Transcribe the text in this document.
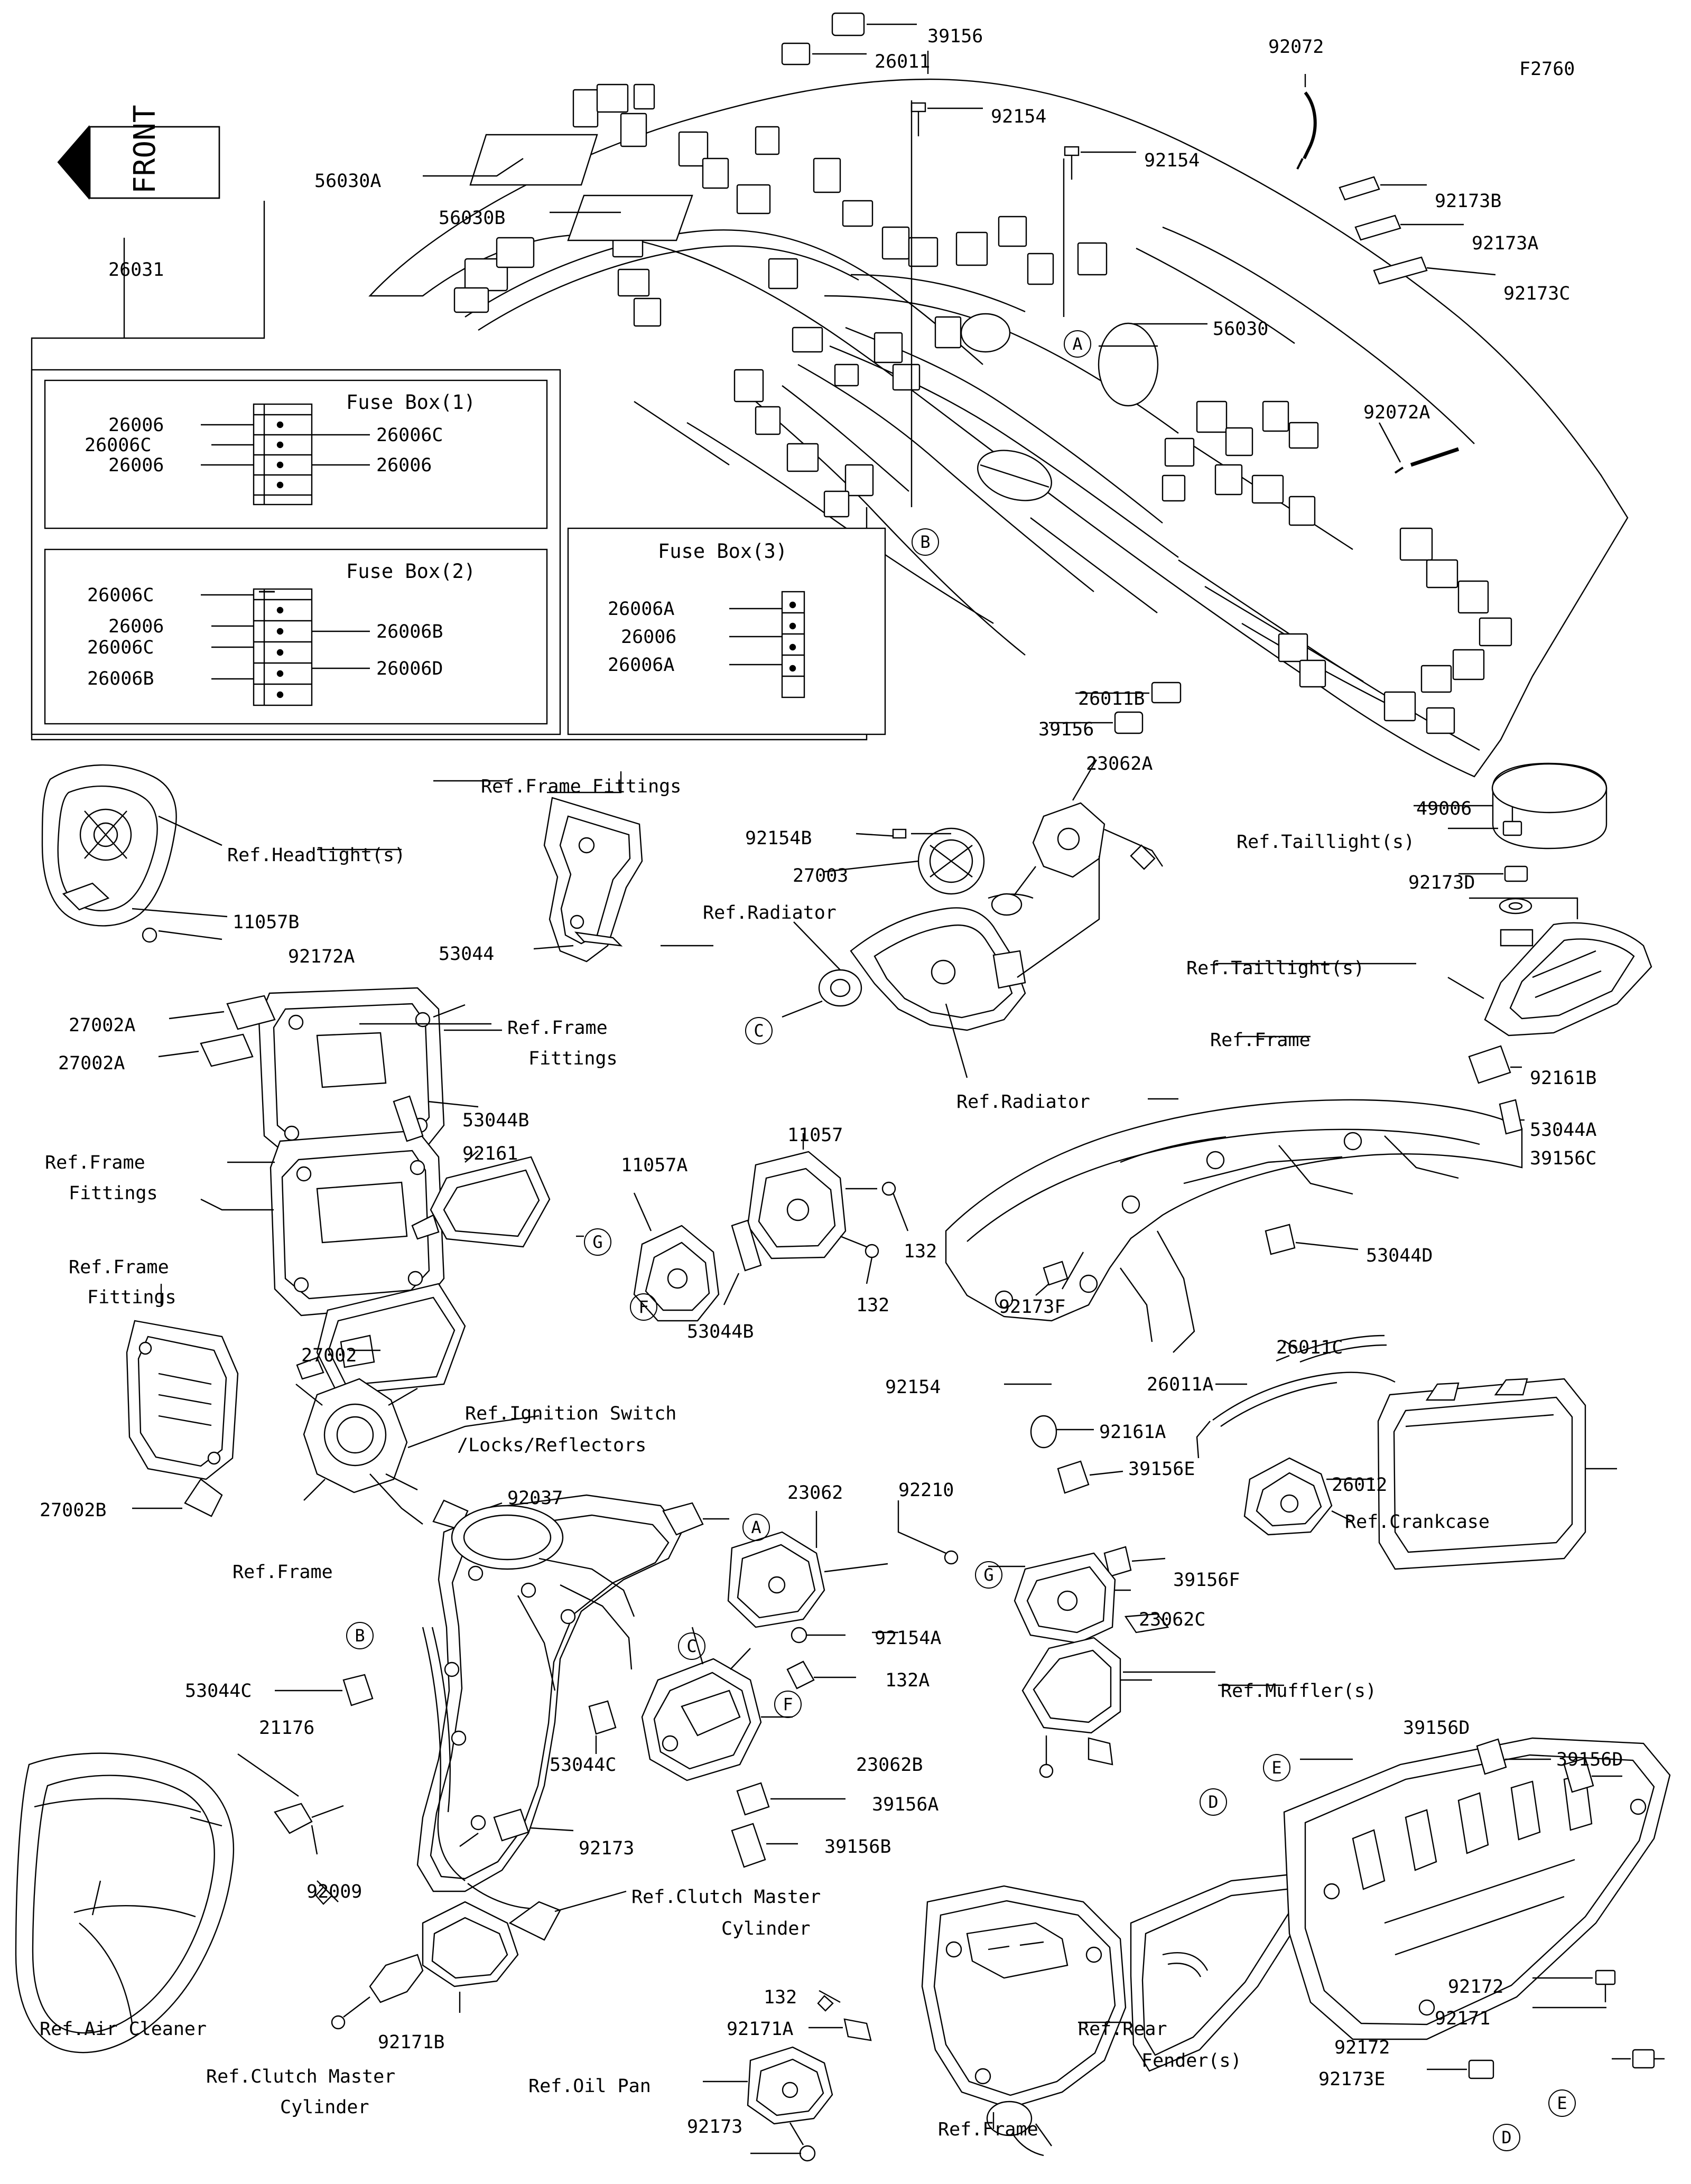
FRONT
39156
26011
92154
92154
92072
F2760
92173B
92173A
92173C
56030A
56030B
26031
56030
92072A
26011B
39156
23062A
49006
Ref.Taillight(s)
92173D
92154B
27003
Ref.Radiator
Ref.Frame Fittings
Ref.Headlight(s)
11057B
92172A	53044
Ref.Taillight(s)
Ref.Radiator
Ref.Frame
92161B
53044A
39156C
27002A
27002A
Ref.Frame
Fittings
53044B
92161
Ref.Frame
Fittings
Ref.Frame
Fittings
11057
11057A
132
132
53044B
92173F
53044D
27002	26011C
92154	26011A
Ref.Ignition Switch
/Locks/Reflectors
92161A
26012
Ref.Crankcase
92037
27002B
23062	92210
39156E
39156F
23062C
Ref.Frame
92154A
132A
53044C
21176
Ref.Muffler(s)
39156D
39156D
23062B
53044C
39156A
39156B
92173
92009	Ref.Clutch Master
Cylinder
92172
92171
Ref.Air Cleaner
92171B
132
92171A	Ref.Rear
Fender(s)
92172
92173E
Ref.Clutch Master
Cylinder
Ref.Oil Pan
92173	Ref.Frame
A
B
C
G
F
A
G
B
C
F
E
D
E
D
Fuse Box(1)
Fuse Box(2)
Fuse Box(3)
26006
26006C
26006
26006C
26006
26006C
26006
26006C
26006B
26006B
26006D
26006A
26006
26006A
